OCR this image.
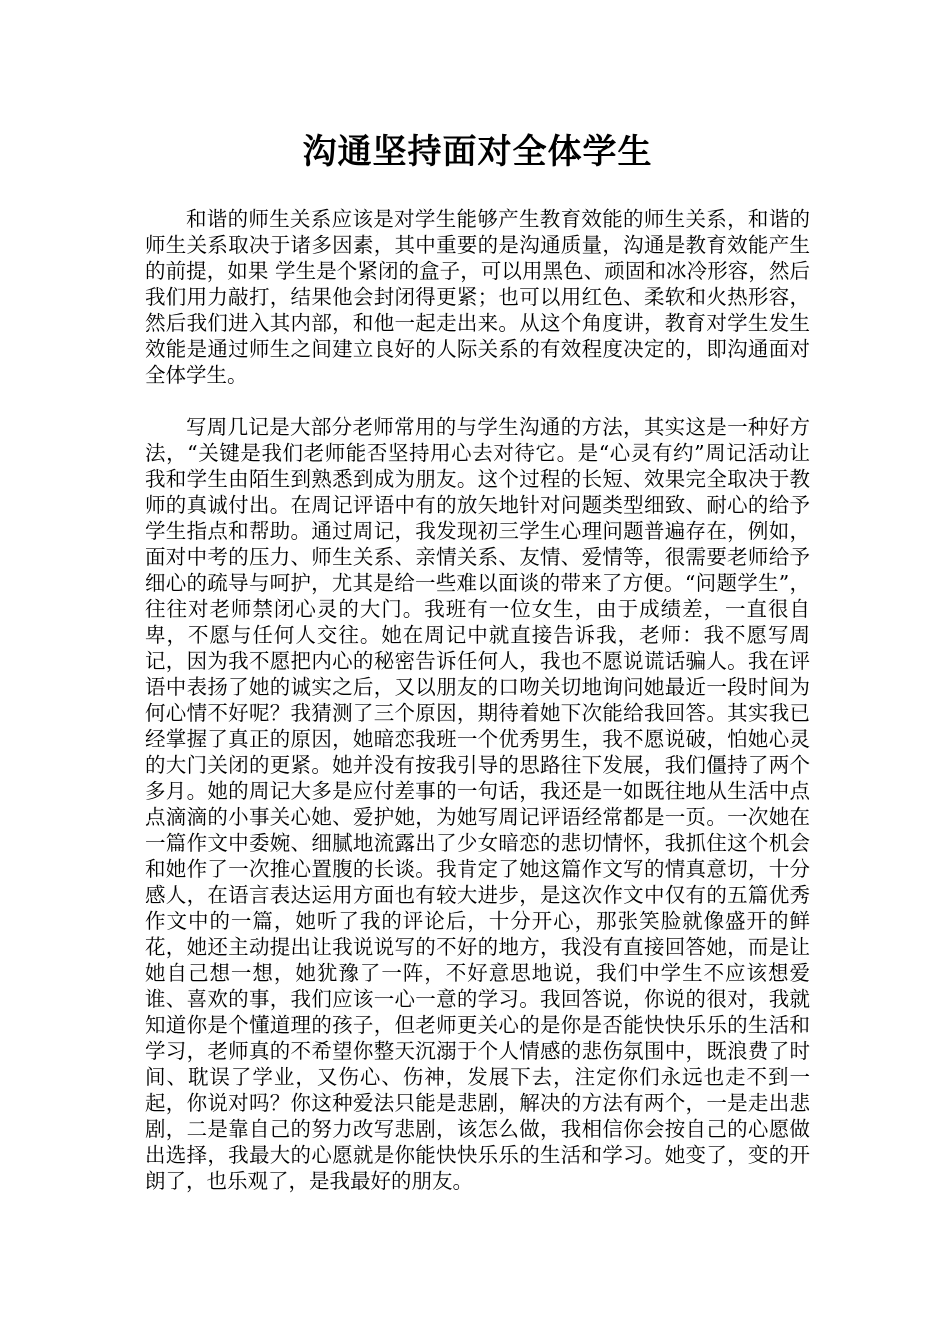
沟通坚持面对全体学生

和谐的师生关系应该是对学生能够产生教育效能的师生关系，和谐的师生关系取决于诸多因素，其中重要的是沟通质量，沟通是教育效能产生的前提，如果 学生是个紧闭的盒子，可以用黑色、顽固和冰冷形容，然后我们用力敲打，结果他会封闭得更紧；也可以用红色、柔软和火热形容，然后我们进入其内部，和他一起走出来。从这个角度讲，教育对学生发生效能是通过师生之间建立良好的人际关系的有效程度决定的，即沟通面对全体学生。

写周几记是大部分老师常用的与学生沟通的方法，其实这是一种好方法，“关键是我们老师能否坚持用心去对待它。是“心灵有约”周记活动让我和学生由陌生到熟悉到成为朋友。这个过程的长短、效果完全取决于教师的真诚付出。在周记评语中有的放矢地针对问题类型细致、耐心的给予学生指点和帮助。通过周记，我发现初三学生心理问题普遍存在，例如，面对中考的压力、师生关系、亲情关系、友情、爱情等，很需要老师给予细心的疏导与呵护，尤其是给一些难以面谈的带来了方便。“问题学生”，往往对老师禁闭心灵的大门。我班有一位女生，由于成绩差，一直很自卑，不愿与任何人交往。她在周记中就直接告诉我，老师：我不愿写周记，因为我不愿把内心的秘密告诉任何人，我也不愿说谎话骗人。我在评语中表扬了她的诚实之后，又以朋友的口吻关切地询问她最近一段时间为何心情不好呢？我猜测了三个原因，期待着她下次能给我回答。其实我已经掌握了真正的原因，她暗恋我班一个优秀男生，我不愿说破，怕她心灵的大门关闭的更紧。她并没有按我引导的思路往下发展，我们僵持了两个多月。她的周记大多是应付差事的一句话，我还是一如既往地从生活中点点滴滴的小事关心她、爱护她，为她写周记评语经常都是一页。一次她在一篇作文中委婉、细腻地流露出了少女暗恋的悲切情怀，我抓住这个机会和她作了一次推心置腹的长谈。我肯定了她这篇作文写的情真意切，十分感人，在语言表达运用方面也有较大进步，是这次作文中仅有的五篇优秀作文中的一篇，她听了我的评论后，十分开心，那张笑脸就像盛开的鲜花，她还主动提出让我说说写的不好的地方，我没有直接回答她，而是让她自己想一想，她犹豫了一阵，不好意思地说，我们中学生不应该想爱谁、喜欢的事，我们应该一心一意的学习。我回答说，你说的很对，我就知道你是个懂道理的孩子，但老师更关心的是你是否能快快乐乐的生活和学习，老师真的不希望你整天沉溺于个人情感的悲伤氛围中，既浪费了时间、耽误了学业，又伤心、伤神，发展下去，注定你们永远也走不到一起，你说对吗？你这种爱法只能是悲剧，解决的方法有两个，一是走出悲剧，二是靠自己的努力改写悲剧，该怎么做，我相信你会按自己的心愿做出选择，我最大的心愿就是你能快快乐乐的生活和学习。她变了，变的开朗了，也乐观了，是我最好的朋友。
